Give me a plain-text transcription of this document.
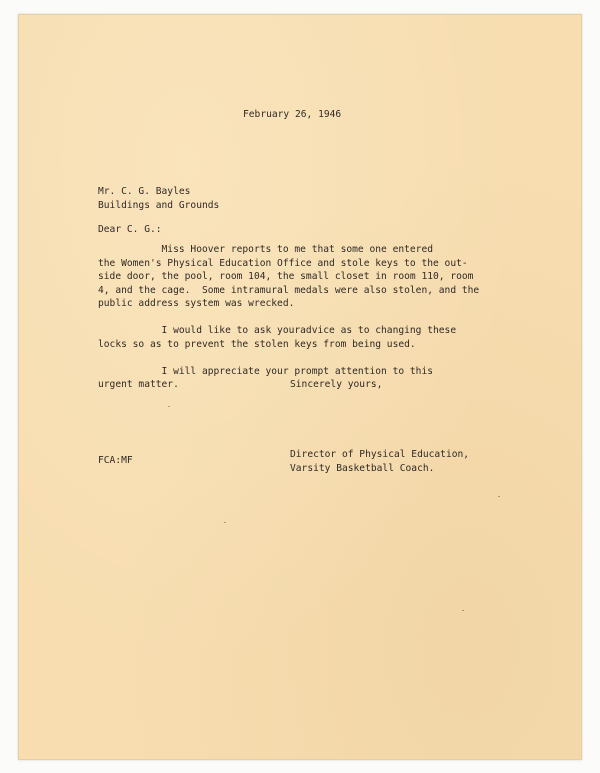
February 26, 1946
Mr. C. G. Bayles
Buildings and Grounds
Dear C. G.:
Miss Hoover reports to me that some one entered
the Women's Physical Education Office and stole keys to the out-
side door, the pool, room 104, the small closet in room 110, room
4, and the cage.  Some intramural medals were also stolen, and the
public address system was wrecked.

I would like to ask youradvice as to changing these
locks so as to prevent the stolen keys from being used.

I will appreciate your prompt attention to this
urgent matter.	Sincerely yours,
Director of Physical Education,
Varsity Basketball Coach.
FCA:MF
